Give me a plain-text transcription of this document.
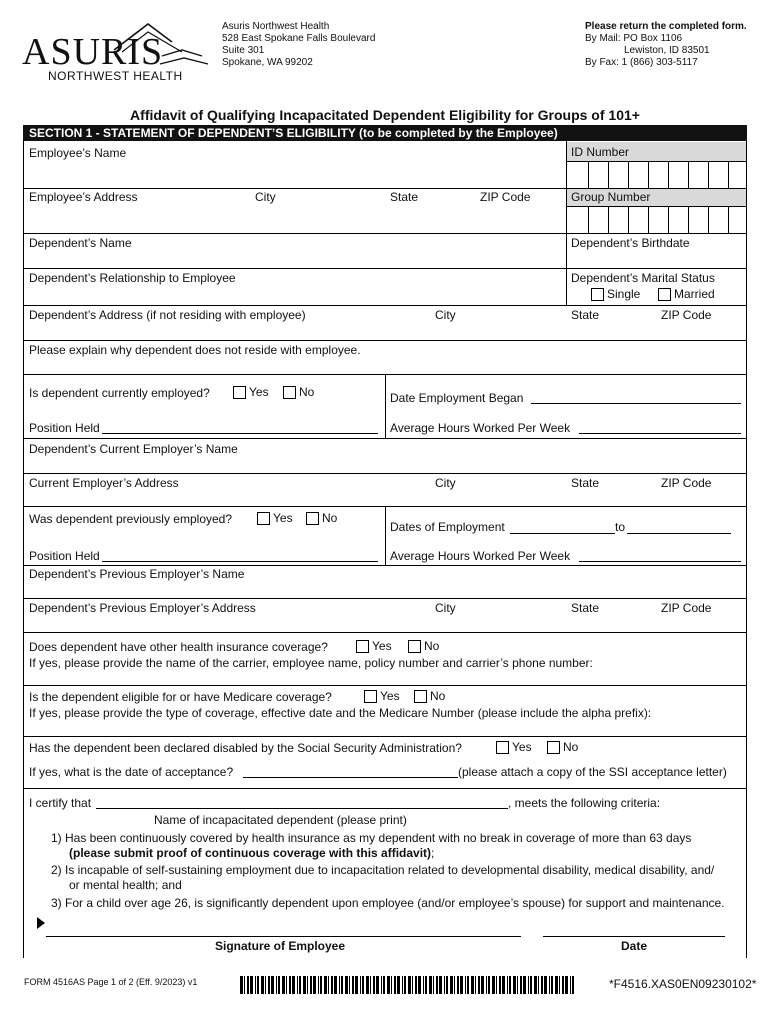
ASURIS
NORTHWEST HEALTH
Asuris Northwest Health
528 East Spokane Falls Boulevard
Suite 301
Spokane, WA 99202
Please return the completed form.
By Mail: PO Box 1106
Lewiston, ID 83501
By Fax: 1 (866) 303-5117
Affidavit of Qualifying Incapacitated Dependent Eligibility for Groups of 101+
SECTION 1 - STATEMENT OF DEPENDENT’S ELIGIBILITY (to be completed by the Employee)
ID Number
Group Number
Employee’s Name
Employee’s Address	City	State	ZIP Code
Dependent’s Name	Dependent’s Birthdate
Dependent’s Relationship to Employee	Dependent’s Marital Status
Single	Married
Dependent’s Address (if not residing with employee)	City	State	ZIP Code
Please explain why dependent does not reside with employee.
Is dependent currently employed?	Yes	No	Date Employment Began
Position Held	Average Hours Worked Per Week
Dependent’s Current Employer’s Name
Current Employer’s Address	City	State	ZIP Code
Was dependent previously employed?	Yes No
Dates of Employment	to
Position Held	Average Hours Worked Per Week
Dependent’s Previous Employer’s Name
Dependent’s Previous Employer’s Address	City	State	ZIP Code
Does dependent have other health insurance coverage?	Yes	No
If yes, please provide the name of the carrier, employee name, policy number and carrier’s phone number:
Is the dependent eligible for or have Medicare coverage?	Yes	No
If yes, please provide the type of coverage, effective date and the Medicare Number (please include the alpha prefix):
Has the dependent been declared disabled by the Social Security Administration?	Yes	No
If yes, what is the date of acceptance?	(please attach a copy of the SSI acceptance letter)
I certify that	, meets the following criteria:
Name of incapacitated dependent (please print)
1) Has been continuously covered by health insurance as my dependent with no break in coverage of more than 63 days
(please submit proof of continuous coverage with this affidavit);
2) Is incapable of self-sustaining employment due to incapacitation related to developmental disability, medical disability, and/
or mental health; and
3) For a child over age 26, is significantly dependent upon employee (and/or employee’s spouse) for support and maintenance.
Signature of Employee	Date
FORM 4516AS Page 1 of 2 (Eff. 9/2023) v1	*F4516.XAS0EN09230102*
